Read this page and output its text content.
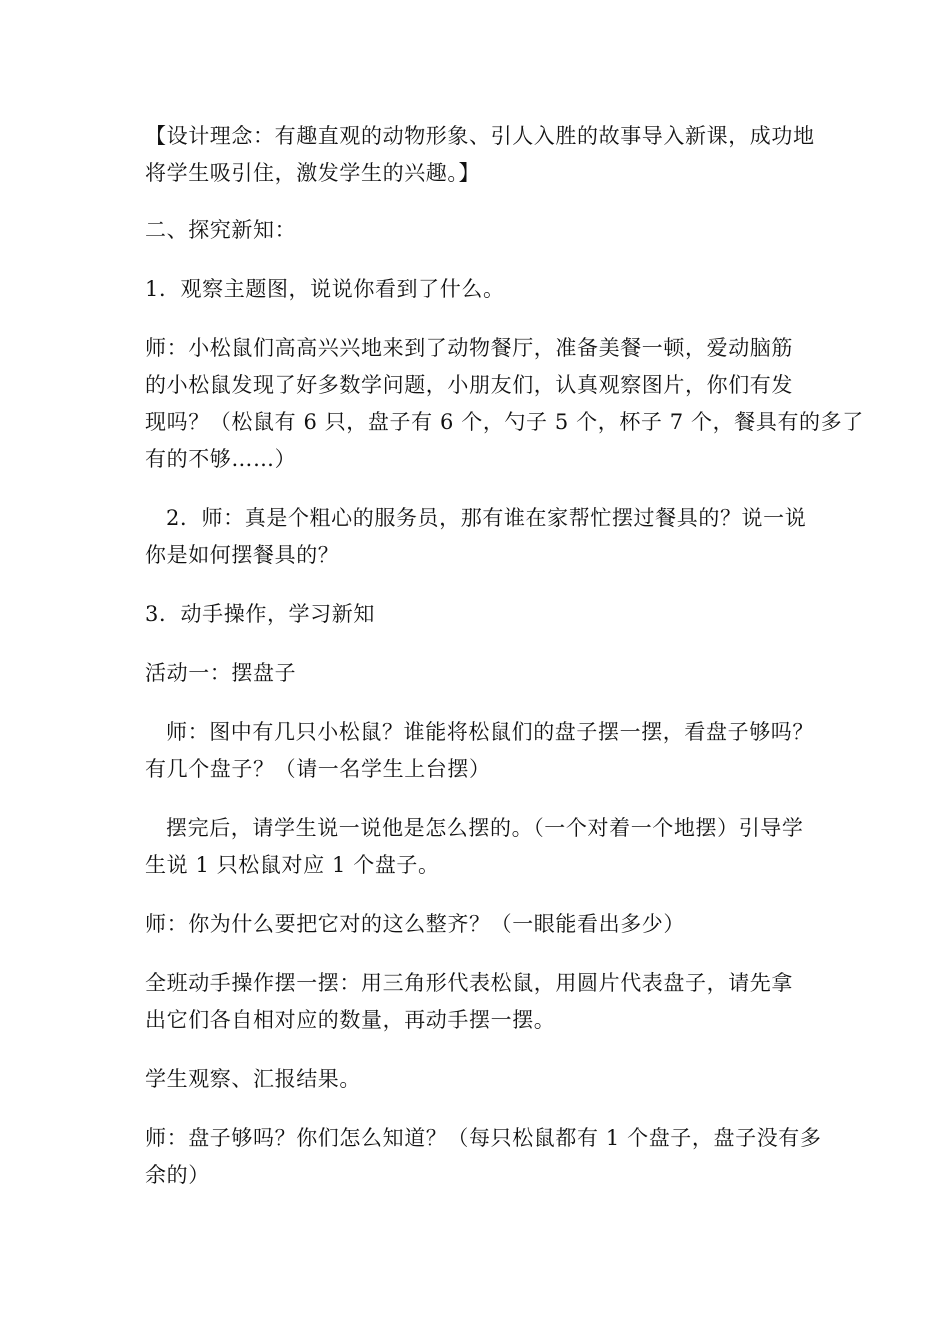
【设计理念：有趣直观的动物形象、引人入胜的故事导入新课，成功地
将学生吸引住，激发学生的兴趣。】

二、探究新知：

1．观察主题图，说说你看到了什么。

师：小松鼠们高高兴兴地来到了动物餐厅，准备美餐一顿，爱动脑筋
的小松鼠发现了好多数学问题，小朋友们，认真观察图片，你们有发
现吗？（松鼠有 6 只，盘子有 6 个，勺子 5 个，杯子 7 个，餐具有的多了
有的不够……）

2．师：真是个粗心的服务员，那有谁在家帮忙摆过餐具的？说一说
你是如何摆餐具的？

3．动手操作，学习新知

活动一：摆盘子

师：图中有几只小松鼠？谁能将松鼠们的盘子摆一摆，看盘子够吗？
有几个盘子？（请一名学生上台摆）

摆完后，请学生说一说他是怎么摆的。（一个对着一个地摆）引导学
生说 1 只松鼠对应 1 个盘子。

师：你为什么要把它对的这么整齐？（一眼能看出多少）

全班动手操作摆一摆：用三角形代表松鼠，用圆片代表盘子，请先拿
出它们各自相对应的数量，再动手摆一摆。

学生观察、汇报结果。

师：盘子够吗？你们怎么知道？（每只松鼠都有 1 个盘子，盘子没有多
余的）
